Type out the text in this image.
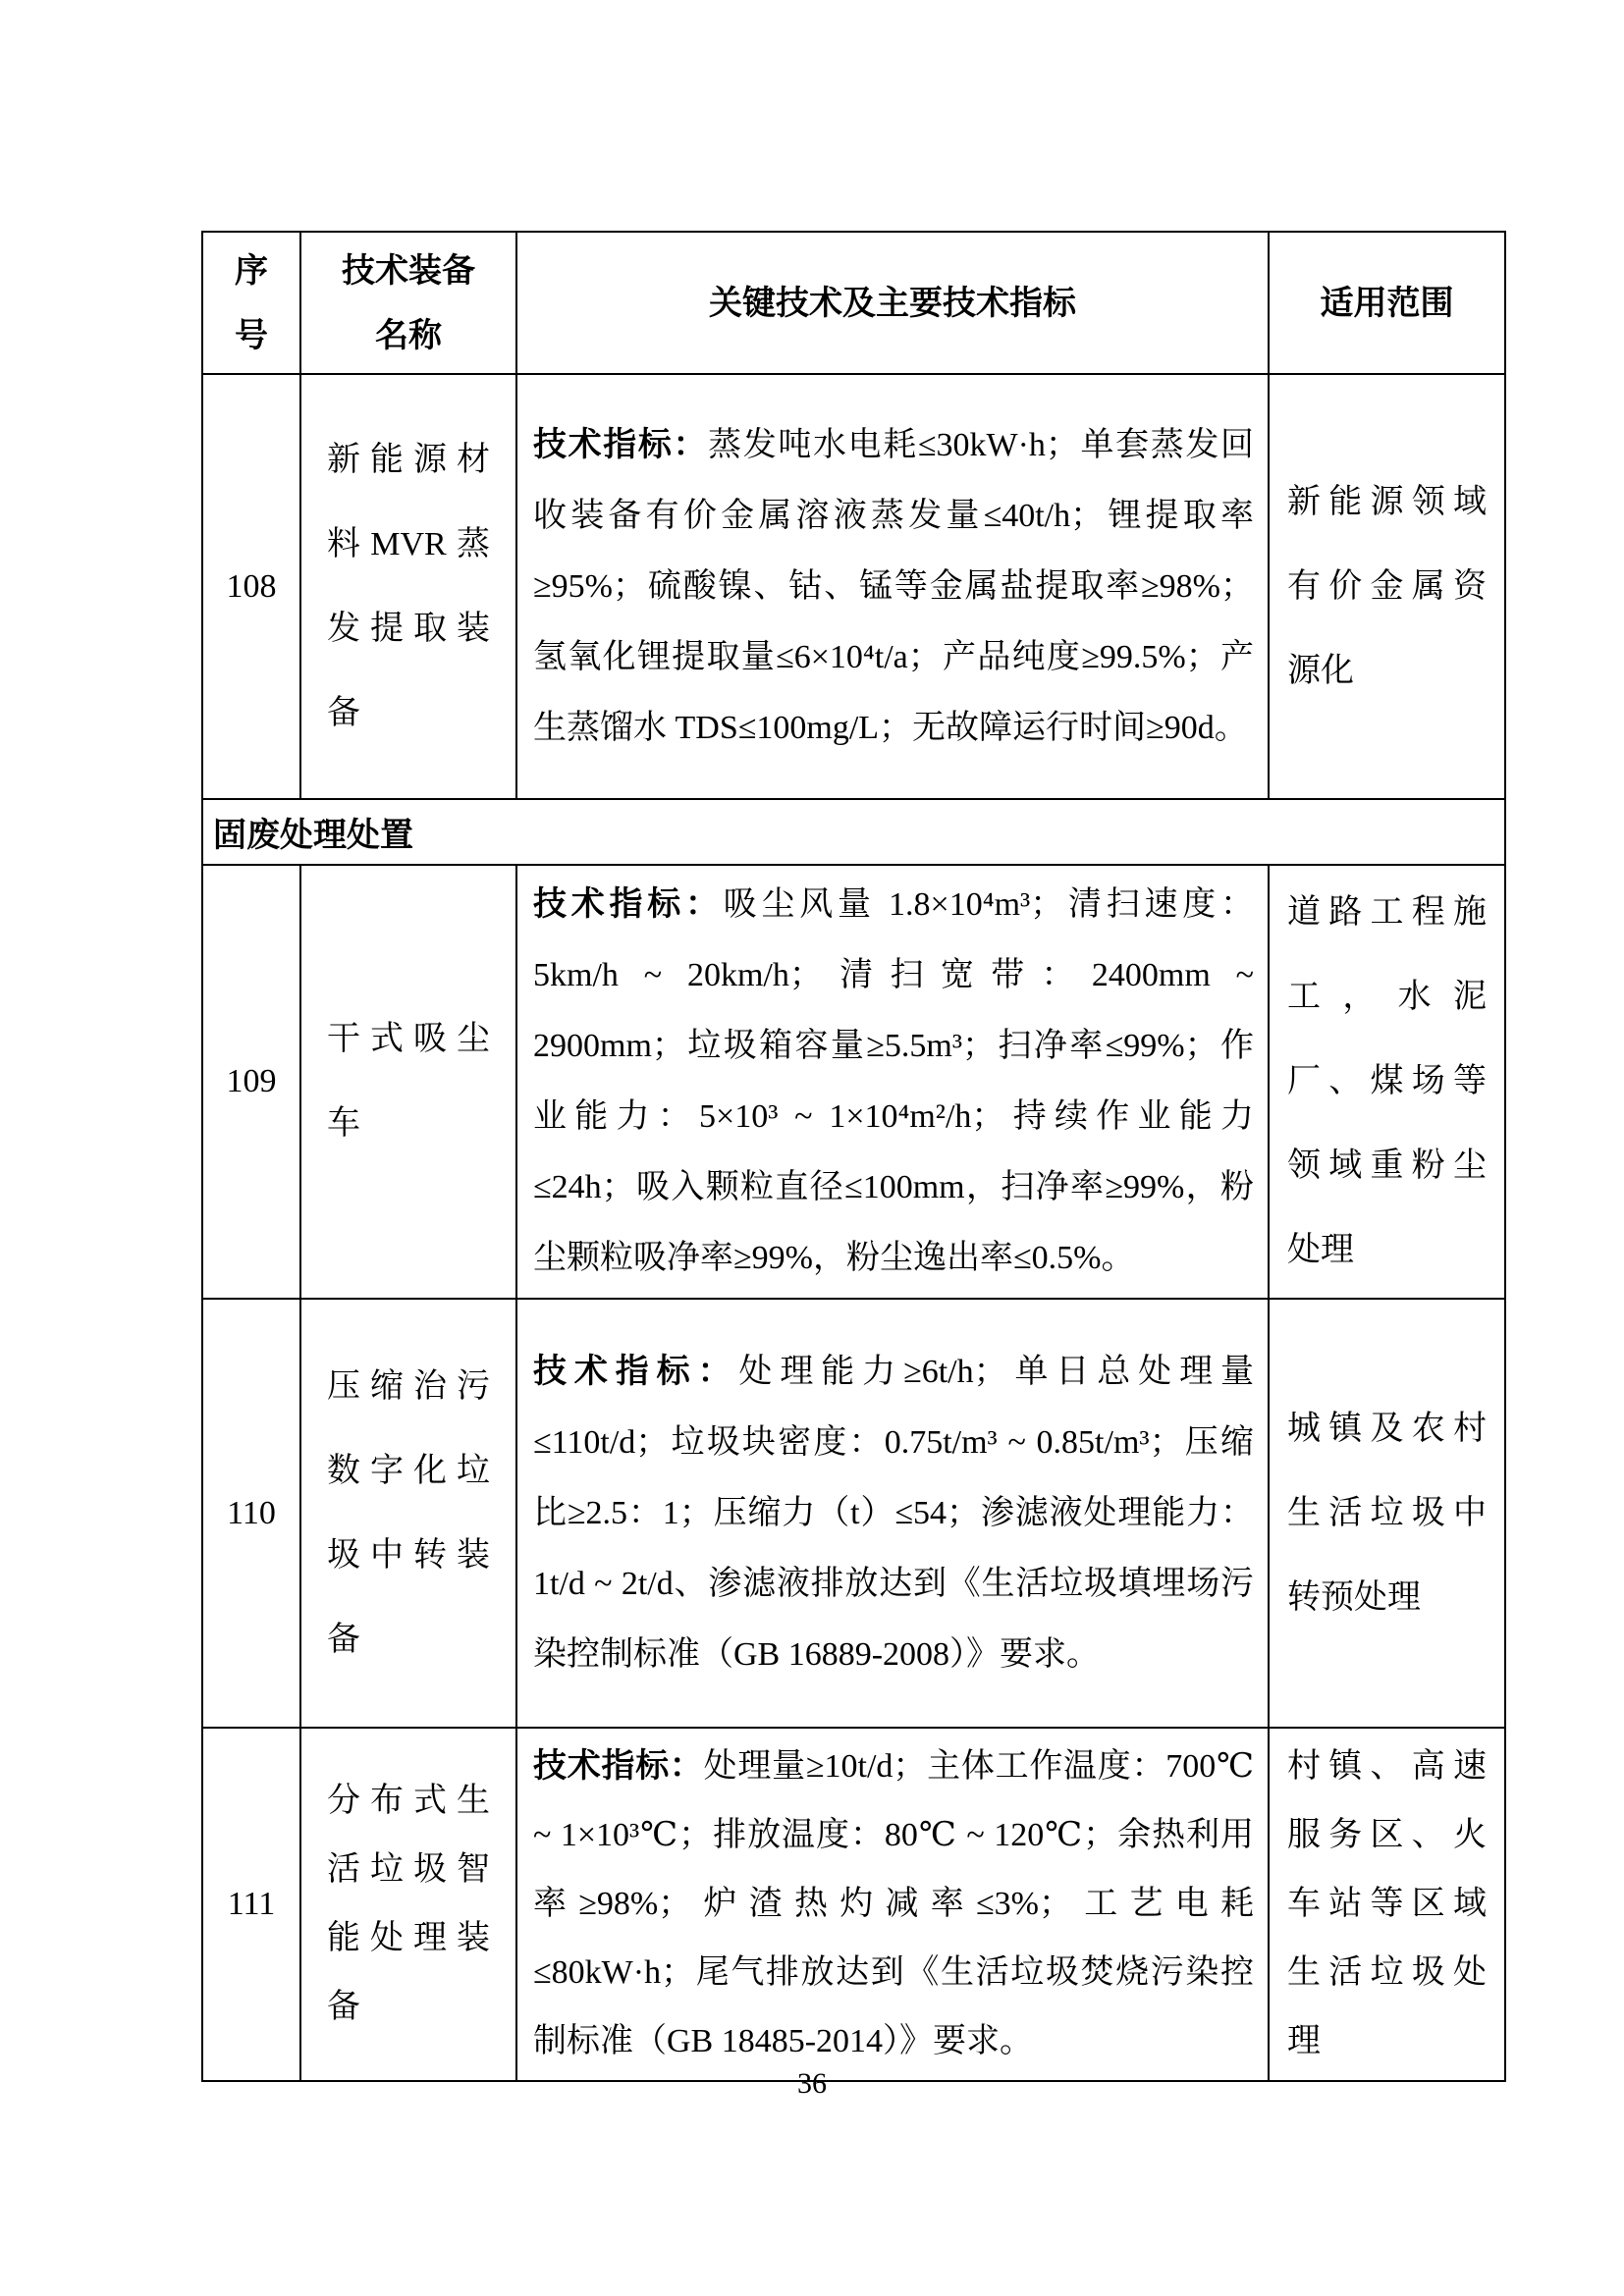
序号	技术装备名称	关键技术及主要技术指标	适用范围
108	新能源材料MVR蒸发提取装备	技术指标：蒸发吨水电耗≤30kW·h；单套蒸发回收装备有价金属溶液蒸发量≤40t/h；锂提取率≥95%；硫酸镍、钴、锰等金属盐提取率≥98%；氢氧化锂提取量≤6×10⁴t/a；产品纯度≥99.5%；产生蒸馏水 TDS≤100mg/L；无故障运行时间≥90d。	新能源领域有价金属资源化
固废处理处置			
109	干式吸尘车	技术指标：吸尘风量 1.8×10⁴m³；清扫速度：5km/h ~ 20km/h；清扫宽带：2400mm ~ 2900mm；垃圾箱容量≥5.5m³；扫净率≤99%；作业能力：5×10³ ~ 1×10⁴m²/h；持续作业能力≤24h；吸入颗粒直径≤100mm，扫净率≥99%，粉尘颗粒吸净率≥99%，粉尘逸出率≤0.5%。	道路工程施工，水泥厂、煤场等领域重粉尘处理
110	压缩治污数字化垃圾中转装备	技术指标：处理能力≥6t/h；单日总处理量≤110t/d；垃圾块密度：0.75t/m³ ~ 0.85t/m³；压缩比≥2.5：1；压缩力（t）≤54；渗滤液处理能力：1t/d ~ 2t/d、渗滤液排放达到《生活垃圾填埋场污染控制标准（GB 16889-2008）》要求。	城镇及农村生活垃圾中转预处理
111	分布式生活垃圾智能处理装备	技术指标：处理量≥10t/d；主体工作温度：700℃ ~ 1×10³℃；排放温度：80℃ ~ 120℃；余热利用率≥98%；炉渣热灼减率≤3%；工艺电耗≤80kW·h；尾气排放达到《生活垃圾焚烧污染控制标准（GB 18485-2014）》要求。	村镇、高速服务区、火车站等区域生活垃圾处理
36
